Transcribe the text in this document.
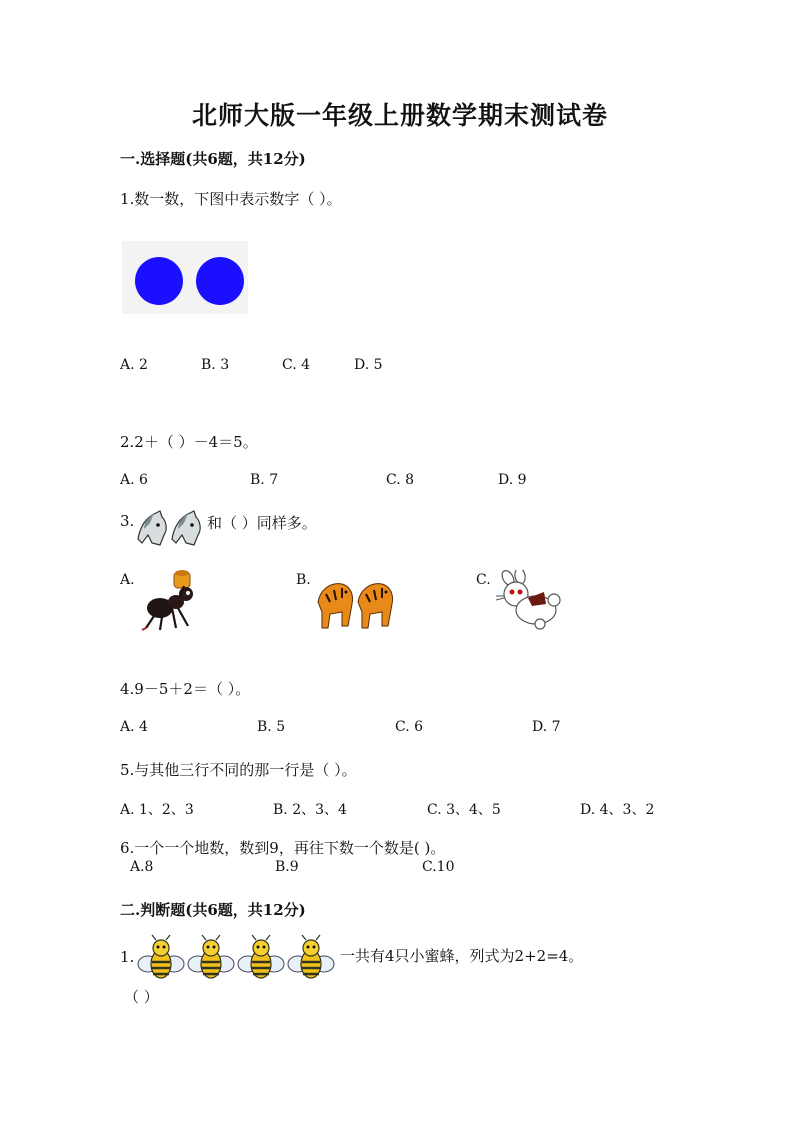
北师大版一年级上册数学期末测试卷
一.选择题(共6题，共12分)
1.数一数，下图中表示数字（ ）。
A. 2	B. 3	C. 4	D. 5
2.2＋（ ）－4＝5。
A. 6	B. 7	C. 8	D. 9
3.	和（ ）同样多。
A.	B.	C.
4.9－5＋2＝（ ）。
A. 4	B. 5	C. 6	D. 7
5.与其他三行不同的那一行是（ ）。
A. 1、2、3	B. 2、3、4	C. 3、4、5	D. 4、3、2
6.一个一个地数，数到9，再往下数一个数是( )。
A.8	B.9	C.10
二.判断题(共6题，共12分)
1.	一共有4只小蜜蜂，列式为2+2=4。
（ ）
